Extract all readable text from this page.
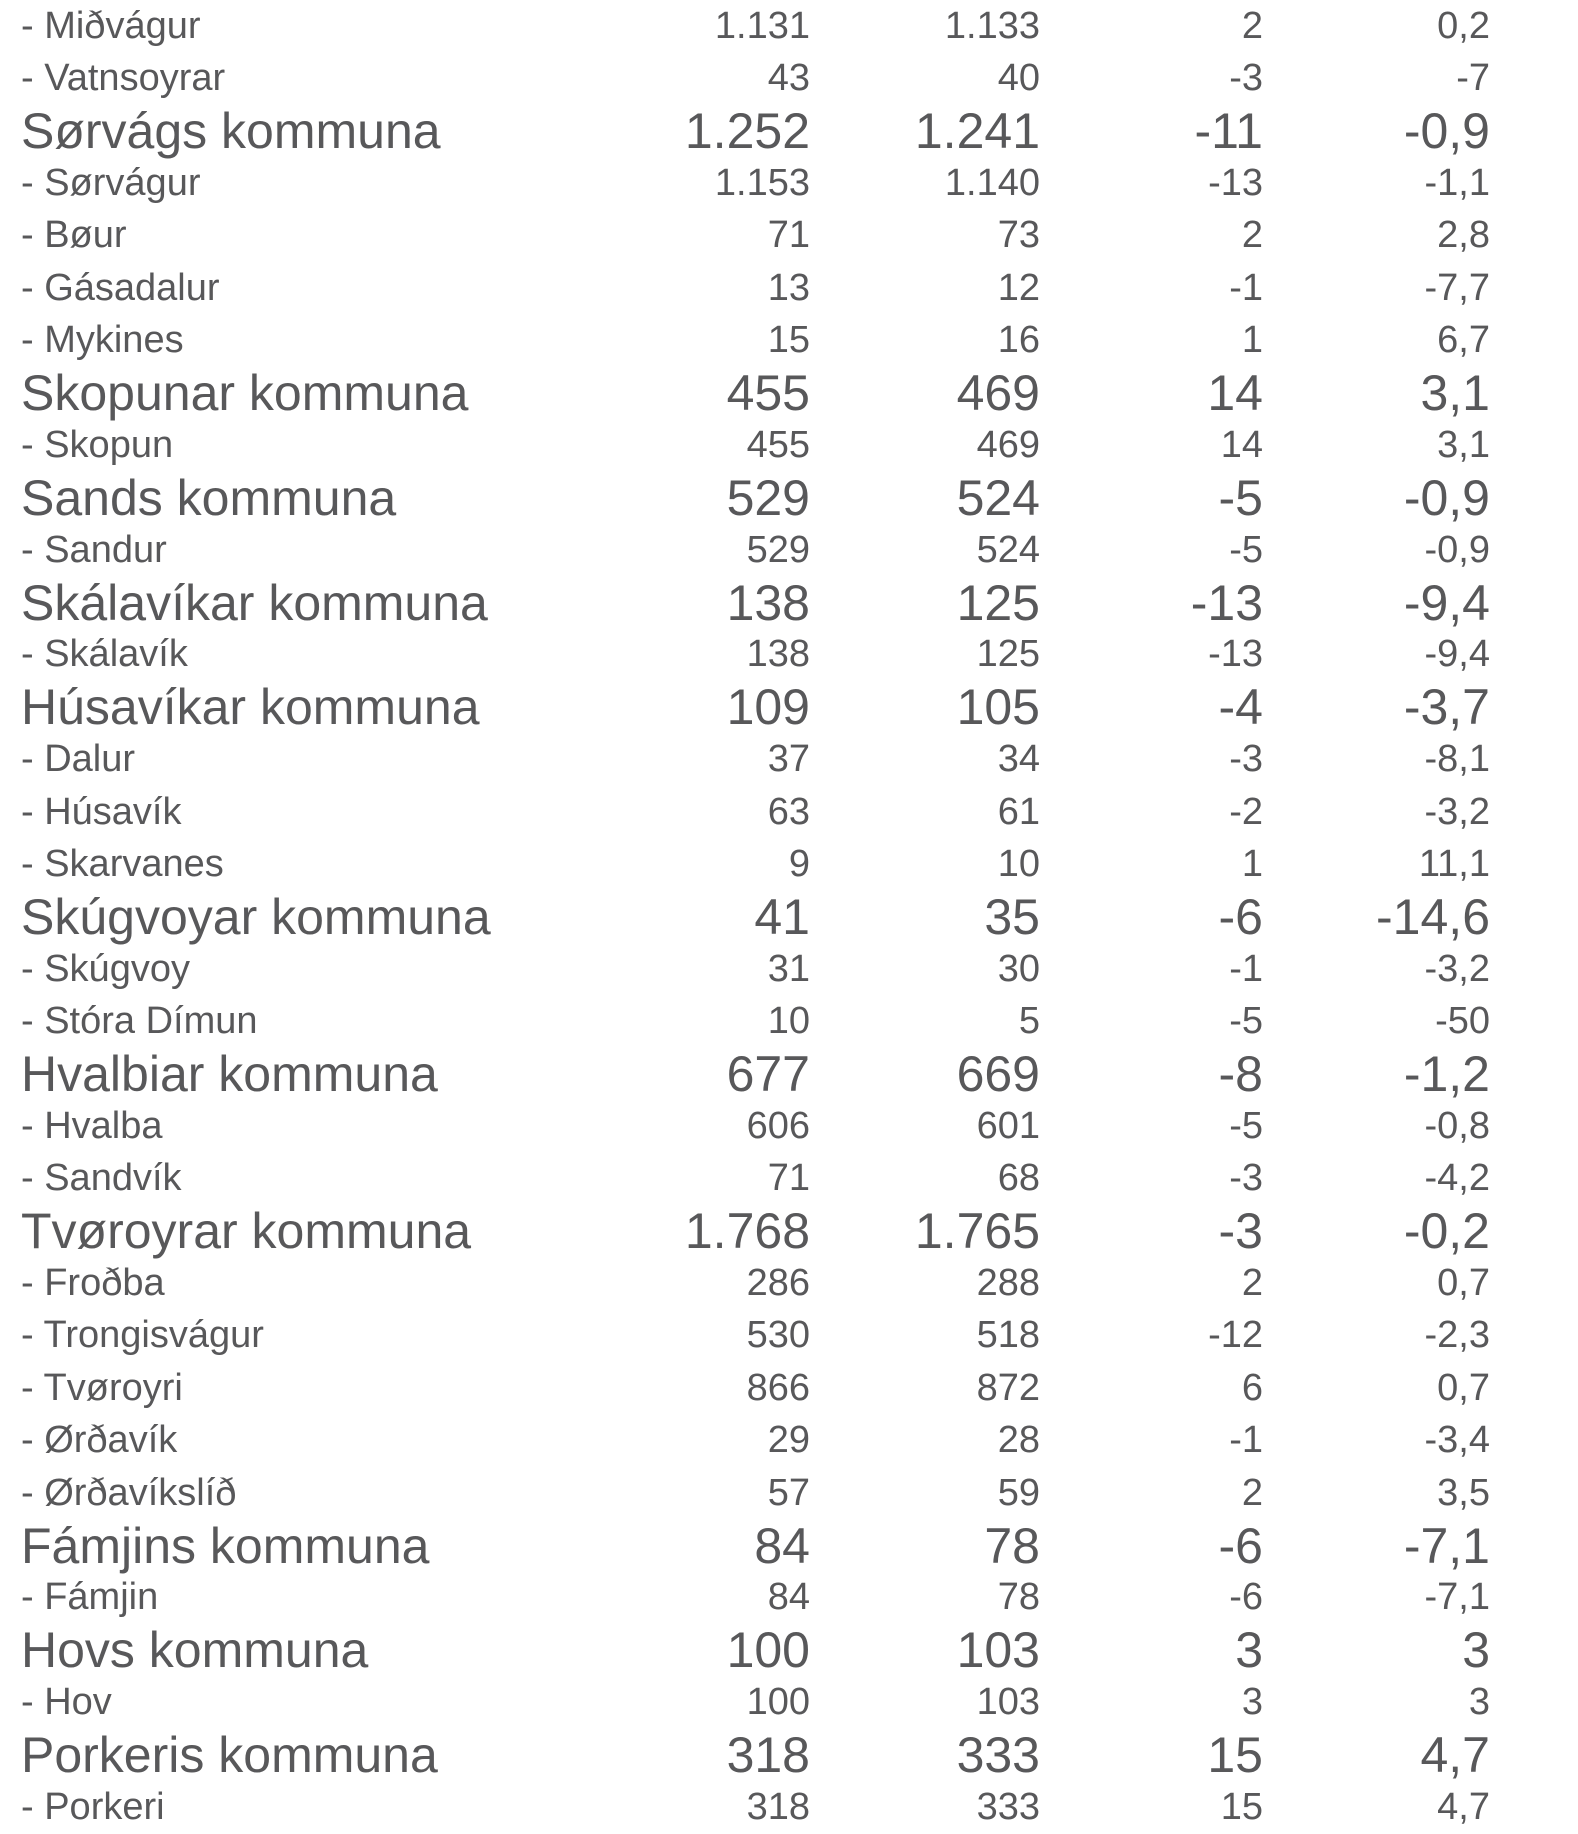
- Miðvágur	1.131	1.133	2	0,2
- Vatnsoyrar	43	40	-3	-7
Sørvágs kommuna	1.252	1.241	-11	-0,9
- Sørvágur	1.153	1.140	-13	-1,1
- Bøur	71	73	2	2,8
- Gásadalur	13	12	-1	-7,7
- Mykines	15	16	1	6,7
Skopunar kommuna	455	469	14	3,1
- Skopun	455	469	14	3,1
Sands kommuna	529	524	-5	-0,9
- Sandur	529	524	-5	-0,9
Skálavíkar kommuna	138	125	-13	-9,4
- Skálavík	138	125	-13	-9,4
Húsavíkar kommuna	109	105	-4	-3,7
- Dalur	37	34	-3	-8,1
- Húsavík	63	61	-2	-3,2
- Skarvanes	9	10	1	11,1
Skúgvoyar kommuna	41	35	-6	-14,6
- Skúgvoy	31	30	-1	-3,2
- Stóra Dímun	10	5	-5	-50
Hvalbiar kommuna	677	669	-8	-1,2
- Hvalba	606	601	-5	-0,8
- Sandvík	71	68	-3	-4,2
Tvøroyrar kommuna	1.768	1.765	-3	-0,2
- Froðba	286	288	2	0,7
- Trongisvágur	530	518	-12	-2,3
- Tvøroyri	866	872	6	0,7
- Ørðavík	29	28	-1	-3,4
- Ørðavíkslíð	57	59	2	3,5
Fámjins kommuna	84	78	-6	-7,1
- Fámjin	84	78	-6	-7,1
Hovs kommuna	100	103	3	3
- Hov	100	103	3	3
Porkeris kommuna	318	333	15	4,7
- Porkeri	318	333	15	4,7
